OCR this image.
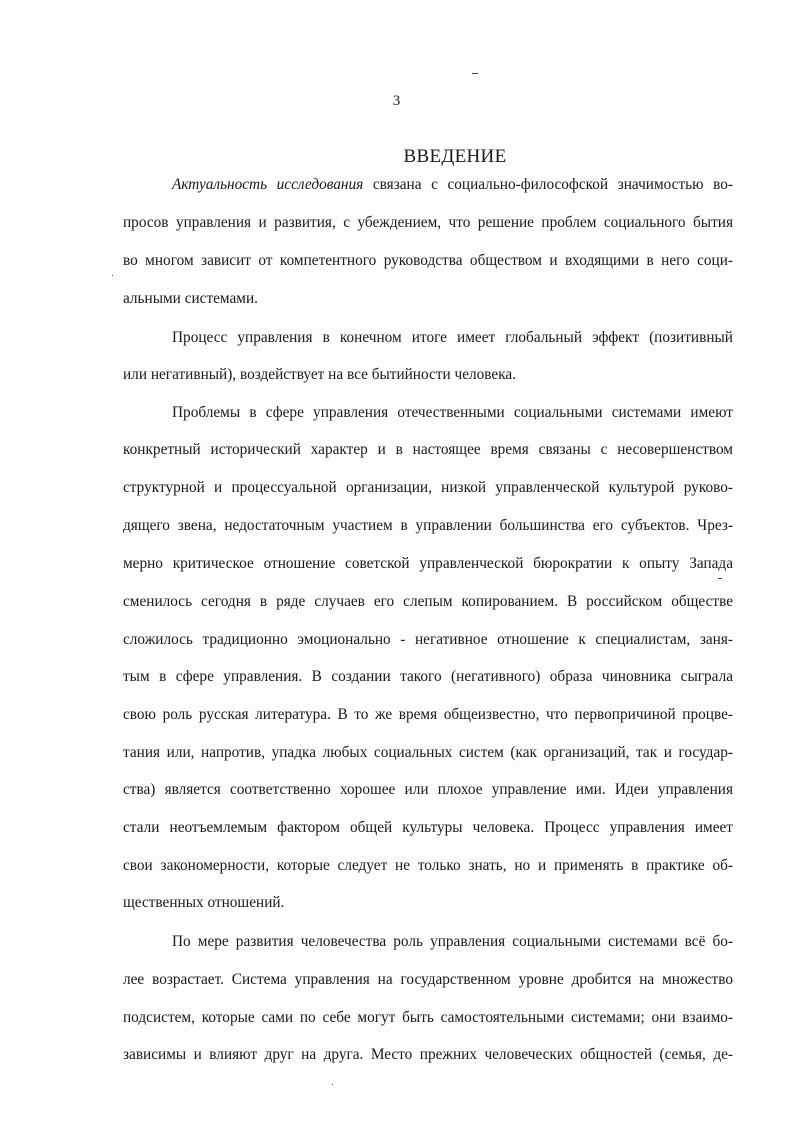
3
ВВЕДЕНИЕ
Актуальность исследования связана с социально-философской значимостью во-
просов управления и развития, с убеждением, что решение проблем социального бытия
во многом зависит от компетентного руководства обществом и входящими в него соци-
альными системами.
Процесс управления в конечном итоге имеет глобальный эффект (позитивный
или негативный), воздействует на все бытийности человека.
Проблемы в сфере управления отечественными социальными системами имеют
конкретный исторический характер и в настоящее время связаны с несовершенством
структурной и процессуальной организации, низкой управленческой культурой руково-
дящего звена, недостаточным участием в управлении большинства его субъектов. Чрез-
мерно критическое отношение советской управленческой бюрократии к опыту Запада
сменилось сегодня в ряде случаев его слепым копированием. В российском обществе
сложилось традиционно эмоционально - негативное отношение к специалистам, заня-
тым в сфере управления. В создании такого (негативного) образа чиновника сыграла
свою роль русская литература. В то же время общеизвестно, что первопричиной процве-
тания или, напротив, упадка любых социальных систем (как организаций, так и государ-
ства) является соответственно хорошее или плохое управление ими. Идеи управления
стали неотъемлемым фактором общей культуры человека. Процесс управления имеет
свои закономерности, которые следует не только знать, но и применять в практике об-
щественных отношений.
По мере развития человечества роль управления социальными системами всё бо-
лее возрастает. Система управления на государственном уровне дробится на множество
подсистем, которые сами по себе могут быть самостоятельными системами; они взаимо-
зависимы и влияют друг на друга. Место прежних человеческих общностей (семья, де-
